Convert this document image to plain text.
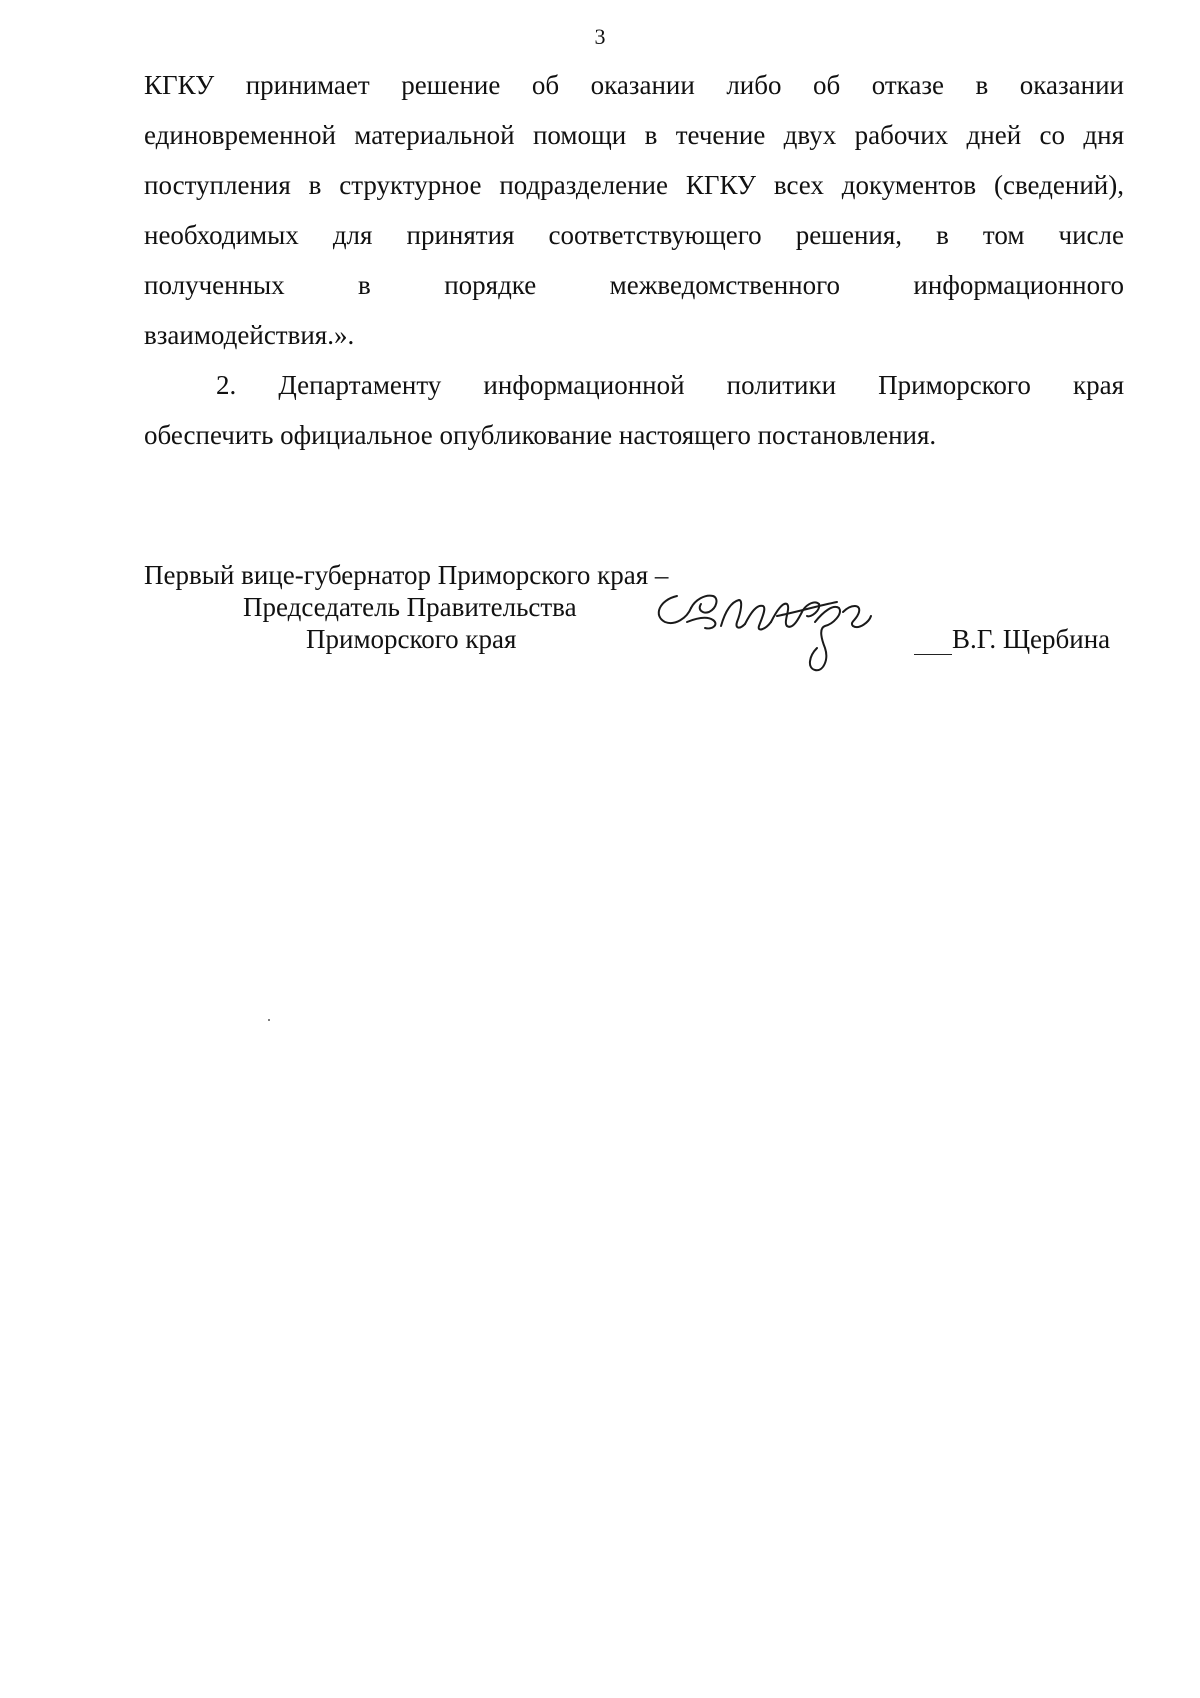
3

КГКУ принимает решение об оказании либо об отказе в оказании
единовременной материальной помощи в течение двух рабочих дней со дня
поступления в структурное подразделение КГКУ всех документов (сведений),
необходимых для принятия соответствующего решения, в том числе
полученных в порядке межведомственного информационного
взаимодействия.».

2. Департаменту информационной политики Приморского края
обеспечить официальное опубликование настоящего постановления.

Первый вице-губернатор Приморского края –
Председатель Правительства
Приморского края	В.Г. Щербина
